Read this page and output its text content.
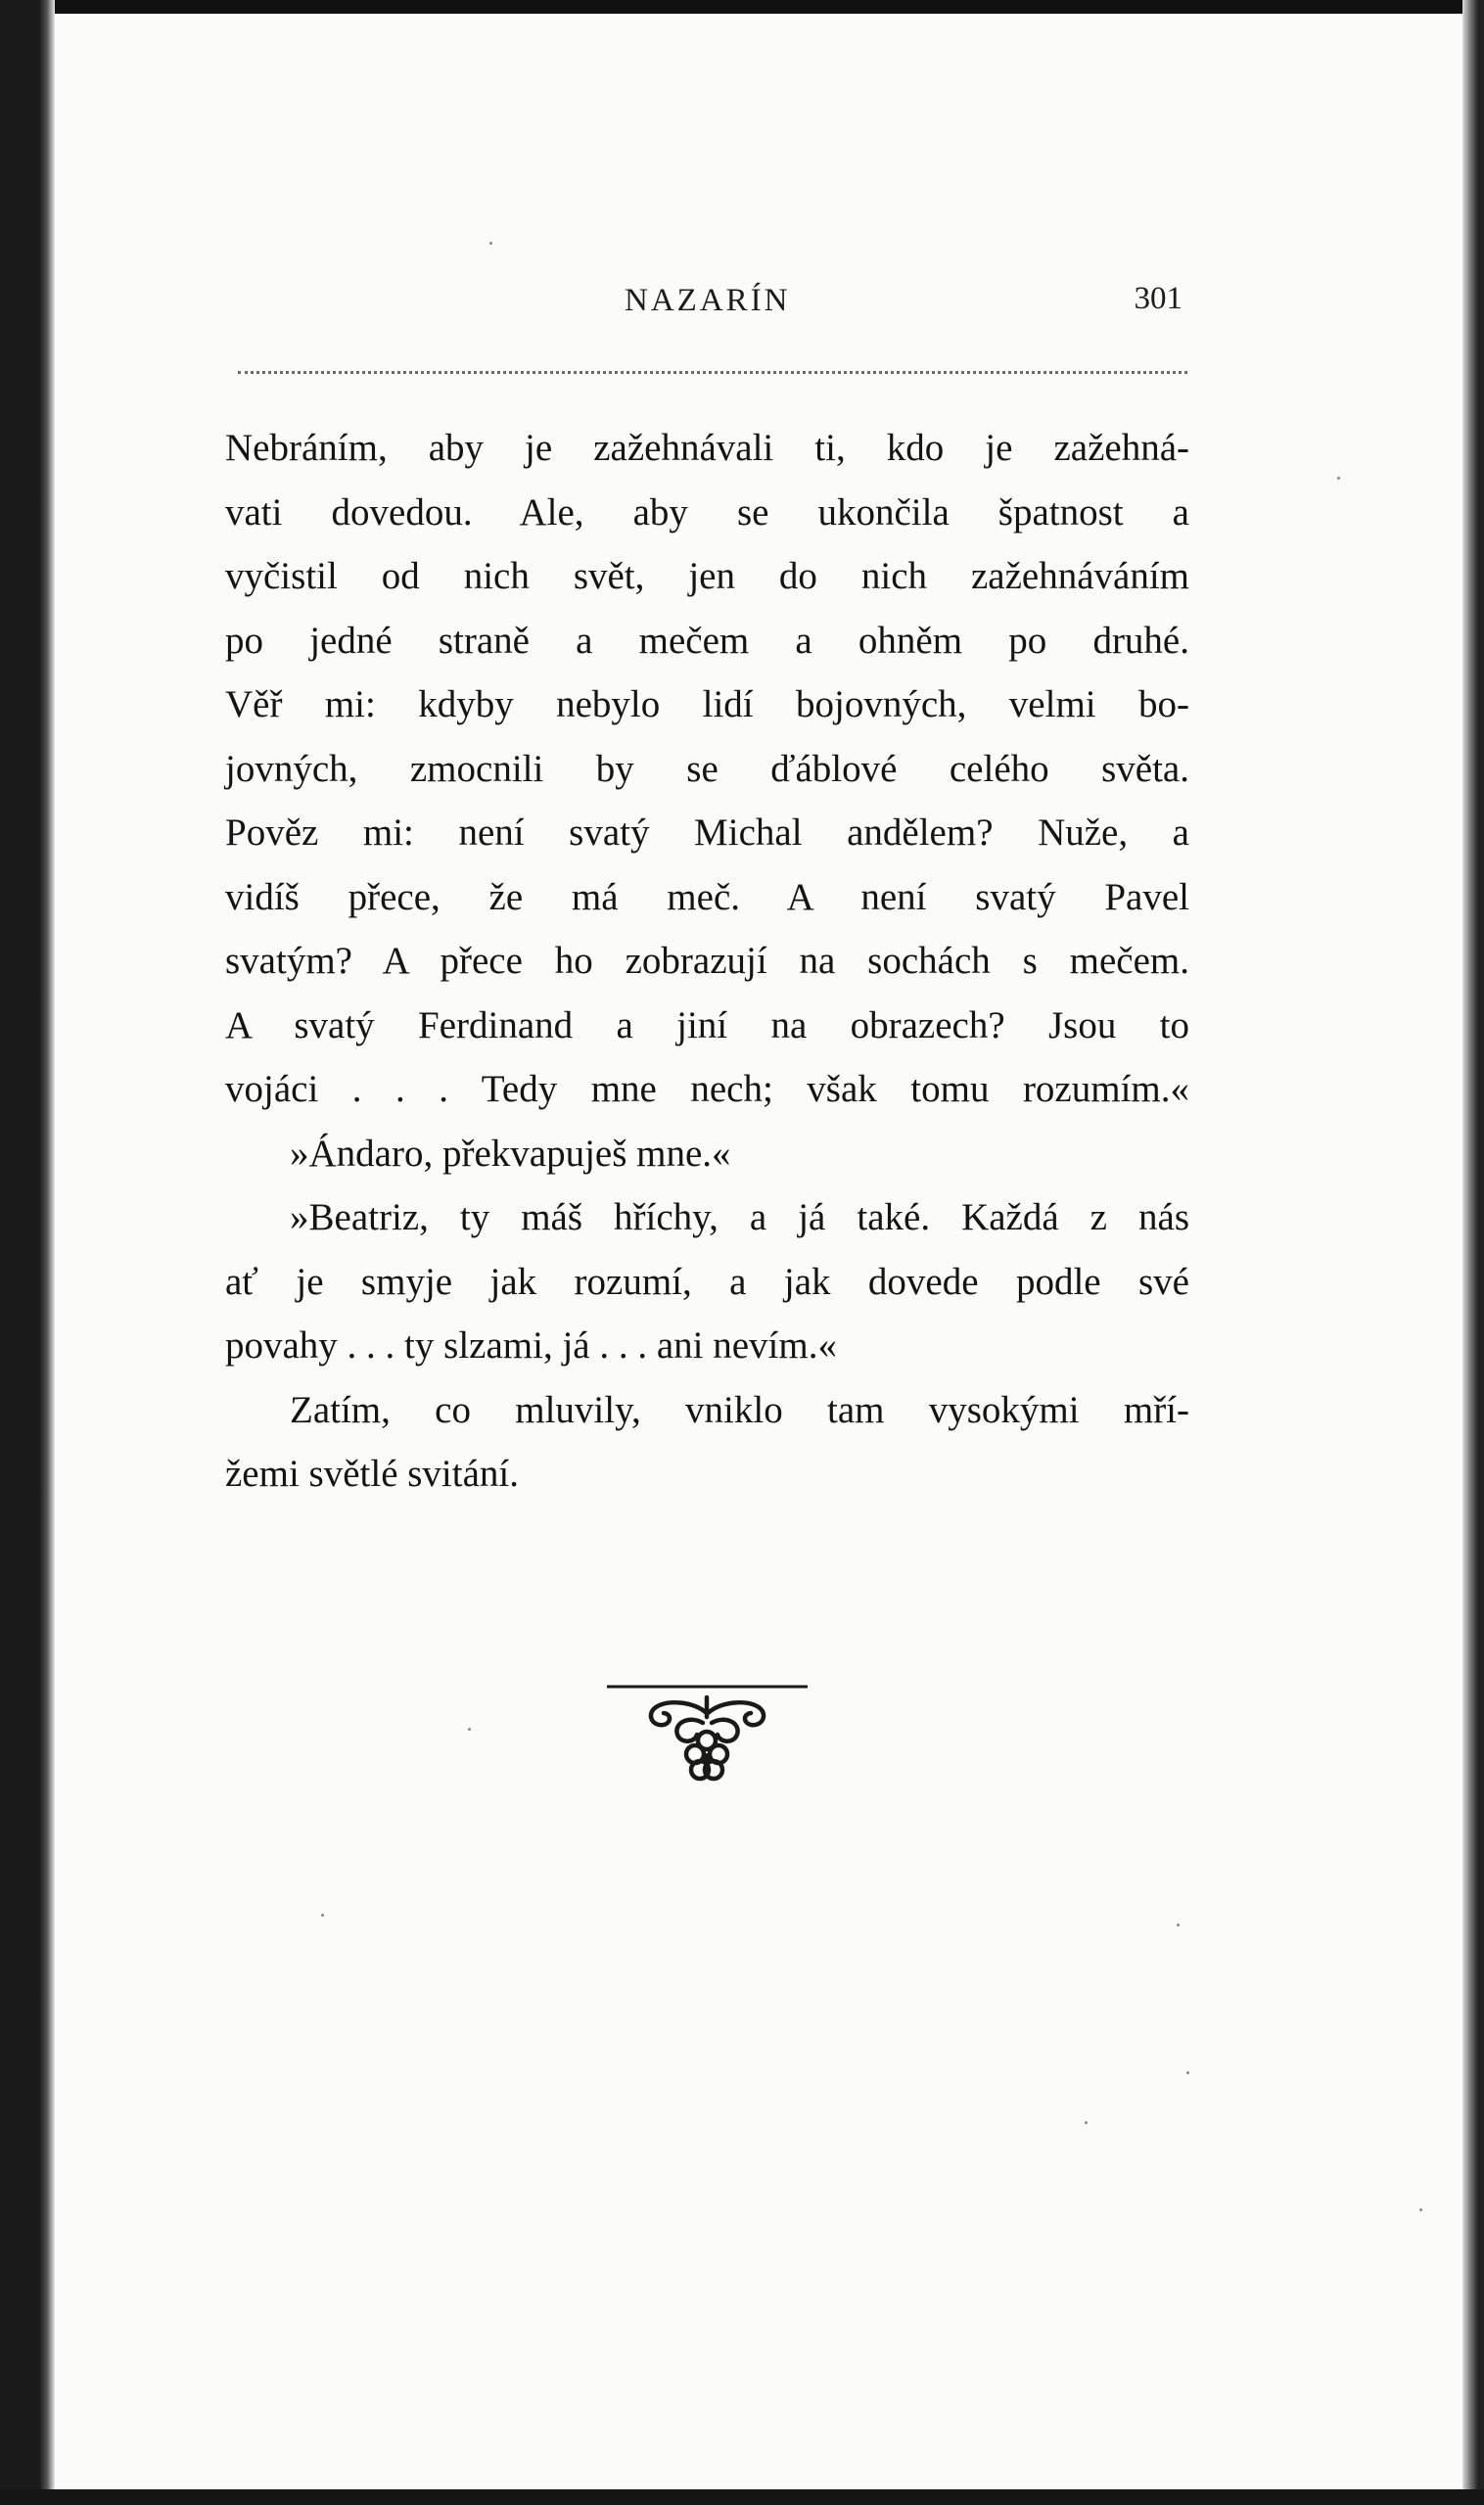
NAZARÍN	301
Nebráním, aby je zažehnávali ti, kdo je zažehná-
vati dovedou. Ale, aby se ukončila špatnost a
vyčistil od nich svět, jen do nich zažehnáváním
po jedné straně a mečem a ohněm po druhé.
Věř mi: kdyby nebylo lidí bojovných, velmi bo-
jovných, zmocnili by se ďáblové celého světa.
Pověz mi: není svatý Michal andělem? Nuže, a
vidíš přece, že má meč. A není svatý Pavel
svatým? A přece ho zobrazují na sochách s mečem.
A svatý Ferdinand a jiní na obrazech? Jsou to
vojáci . . . Tedy mne nech; však tomu rozumím.«
»Ándaro, překvapuješ mne.«
»Beatriz, ty máš hříchy, a já také. Každá z nás
ať je smyje jak rozumí, a jak dovede podle své
povahy . . . ty slzami, já . . . ani nevím.«
Zatím, co mluvily, vniklo tam vysokými mří-
žemi světlé svitání.
